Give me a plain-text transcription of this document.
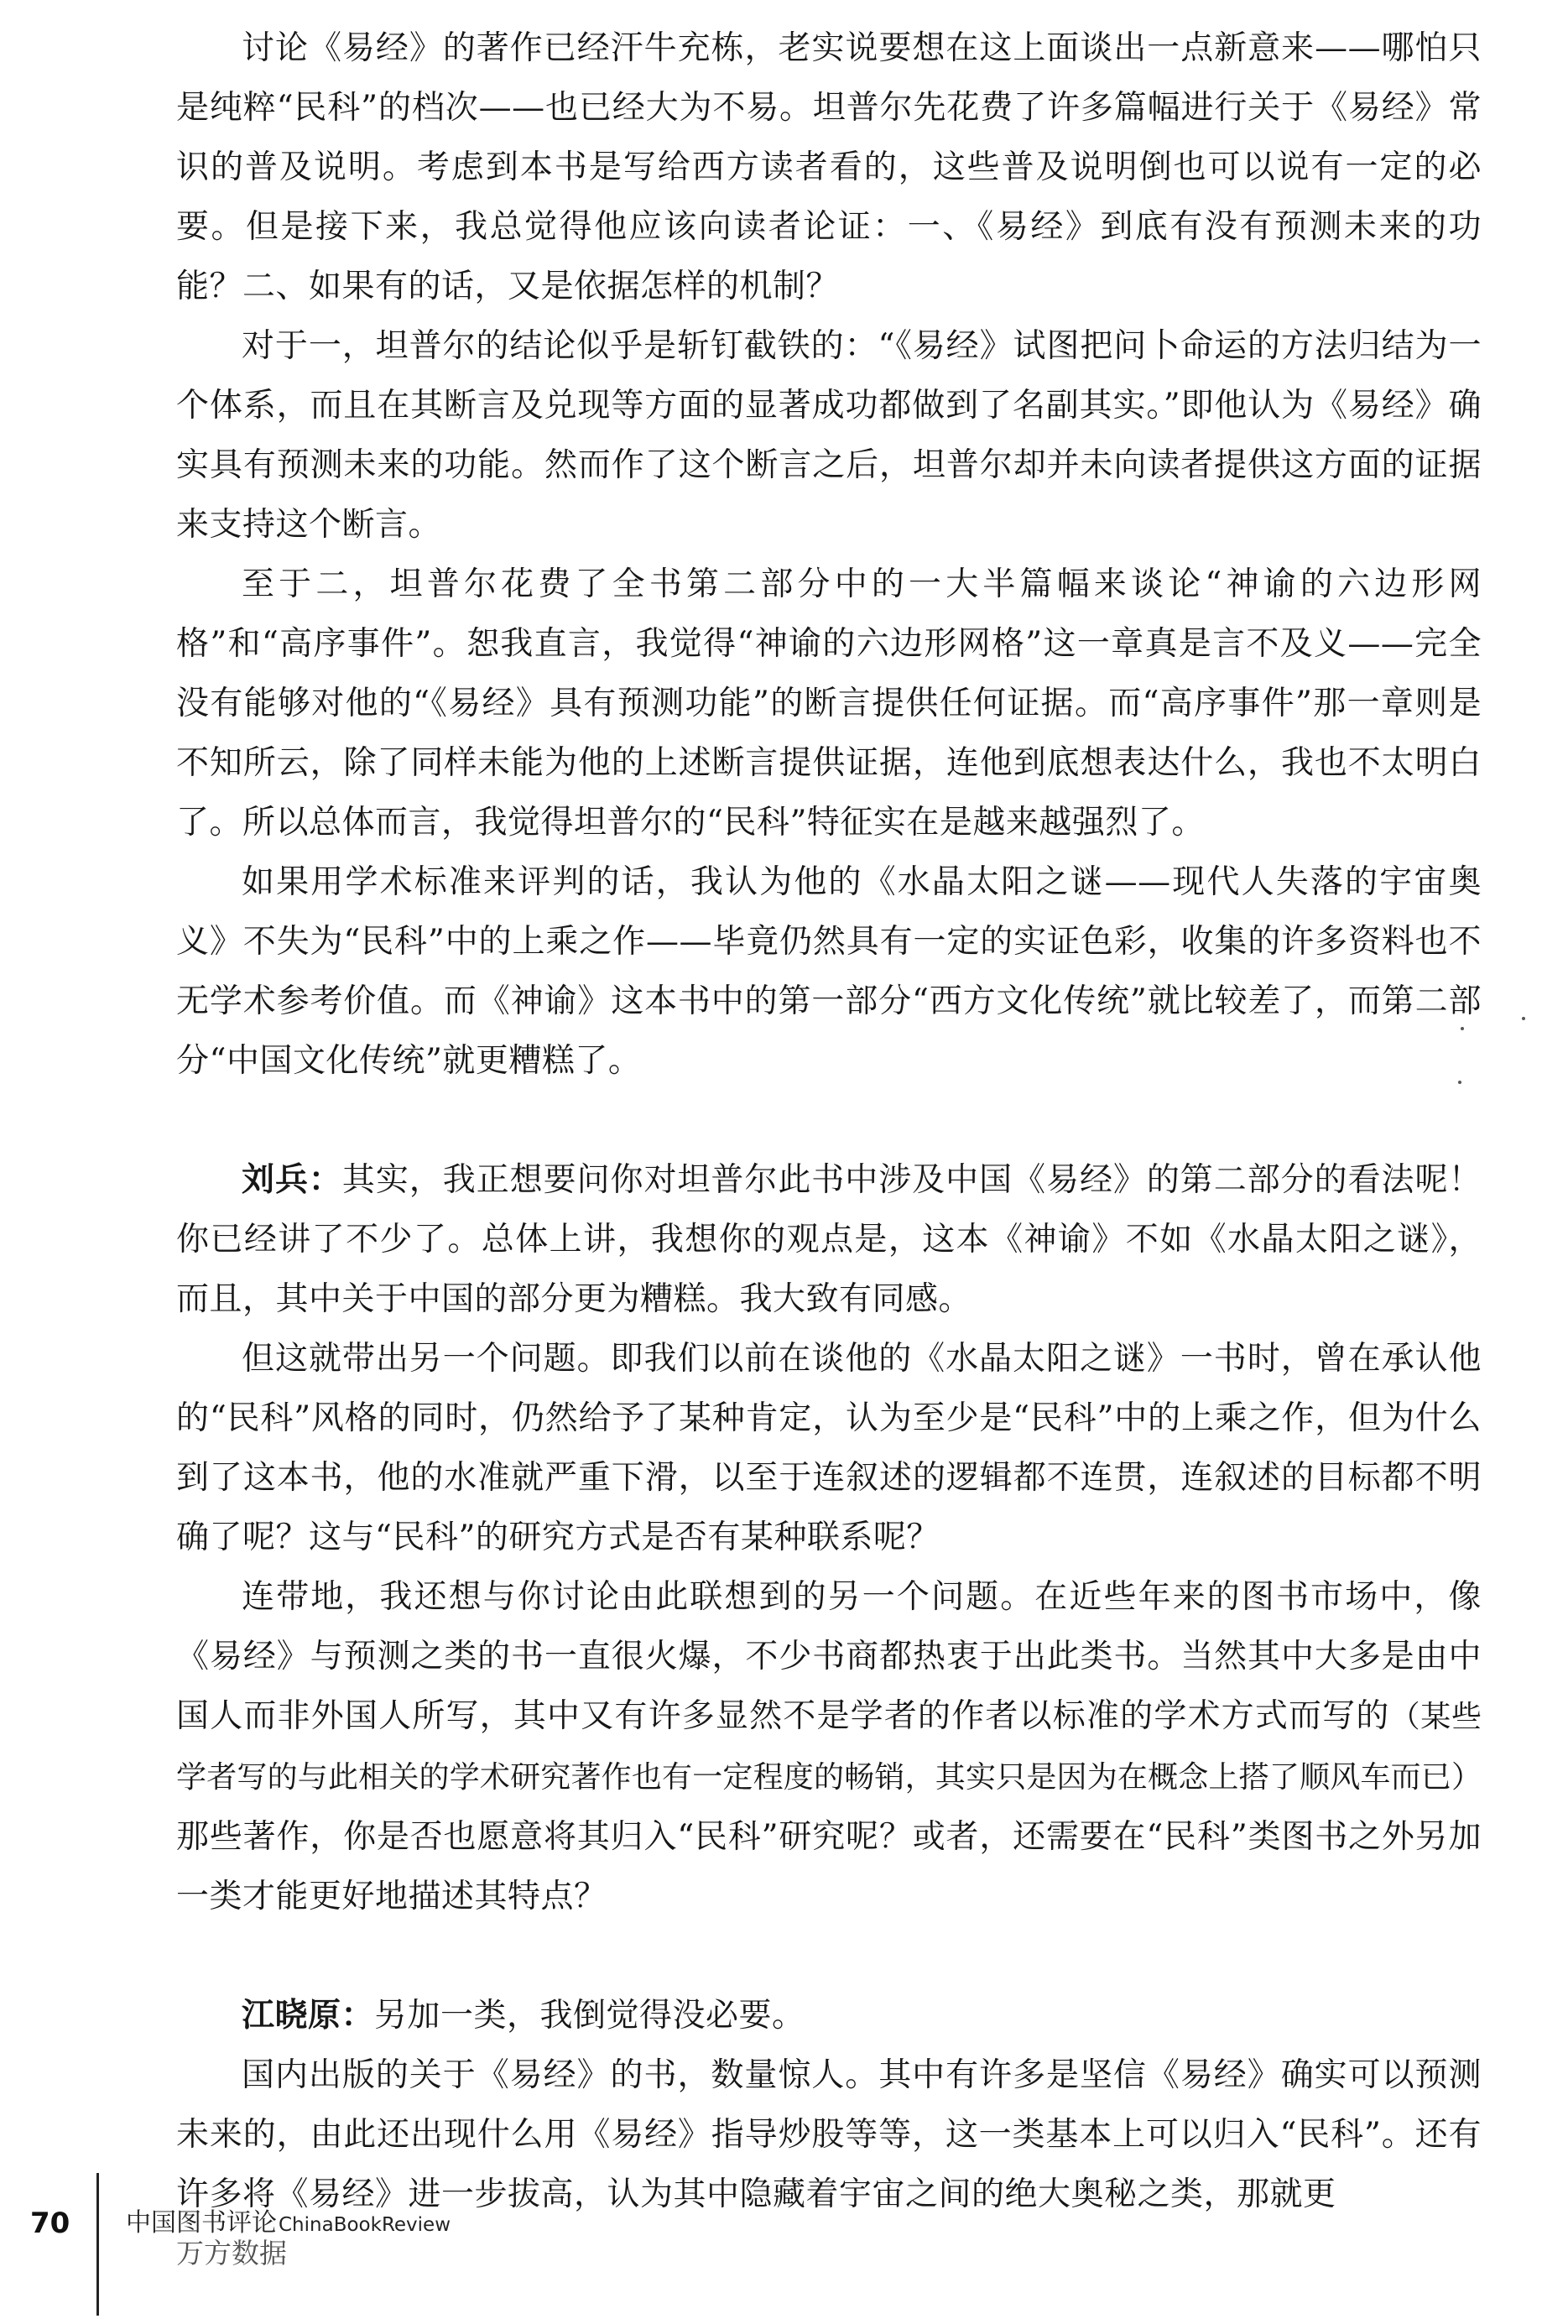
讨论《易经》的著作已经汗牛充栋，老实说要想在这上面谈出一点新意来——哪怕只是纯粹“民科”的档次——也已经大为不易。坦普尔先花费了许多篇幅进行关于《易经》常识的普及说明。考虑到本书是写给西方读者看的，这些普及说明倒也可以说有一定的必要。但是接下来，我总觉得他应该向读者论证：一、《易经》到底有没有预测未来的功能？二、如果有的话，又是依据怎样的机制？

对于一，坦普尔的结论似乎是斩钉截铁的：“《易经》试图把问卜命运的方法归结为一个体系，而且在其断言及兑现等方面的显著成功都做到了名副其实。”即他认为《易经》确实具有预测未来的功能。然而作了这个断言之后，坦普尔却并未向读者提供这方面的证据来支持这个断言。

至于二，坦普尔花费了全书第二部分中的一大半篇幅来谈论“神谕的六边形网格”和“高序事件”。恕我直言，我觉得“神谕的六边形网格”这一章真是言不及义——完全没有能够对他的“《易经》具有预测功能”的断言提供任何证据。而“高序事件”那一章则是不知所云，除了同样未能为他的上述断言提供证据，连他到底想表达什么，我也不太明白了。所以总体而言，我觉得坦普尔的“民科”特征实在是越来越强烈了。

如果用学术标准来评判的话，我认为他的《水晶太阳之谜——现代人失落的宇宙奥义》不失为“民科”中的上乘之作——毕竟仍然具有一定的实证色彩，收集的许多资料也不无学术参考价值。而《神谕》这本书中的第一部分“西方文化传统”就比较差了，而第二部分“中国文化传统”就更糟糕了。

刘兵：其实，我正想要问你对坦普尔此书中涉及中国《易经》的第二部分的看法呢！你已经讲了不少了。总体上讲，我想你的观点是，这本《神谕》不如《水晶太阳之谜》，而且，其中关于中国的部分更为糟糕。我大致有同感。

但这就带出另一个问题。即我们以前在谈他的《水晶太阳之谜》一书时，曾在承认他的“民科”风格的同时，仍然给予了某种肯定，认为至少是“民科”中的上乘之作，但为什么到了这本书，他的水准就严重下滑，以至于连叙述的逻辑都不连贯，连叙述的目标都不明确了呢？这与“民科”的研究方式是否有某种联系呢？

连带地，我还想与你讨论由此联想到的另一个问题。在近些年来的图书市场中，像《易经》与预测之类的书一直很火爆，不少书商都热衷于出此类书。当然其中大多是由中国人而非外国人所写，其中又有许多显然不是学者的作者以标准的学术方式而写的（某些学者写的与此相关的学术研究著作也有一定程度的畅销，其实只是因为在概念上搭了顺风车而已）那些著作，你是否也愿意将其归入“民科”研究呢？或者，还需要在“民科”类图书之外另加一类才能更好地描述其特点？

江晓原：另加一类，我倒觉得没必要。

国内出版的关于《易经》的书，数量惊人。其中有许多是坚信《易经》确实可以预测未来的，由此还出现什么用《易经》指导炒股等等，这一类基本上可以归入“民科”。还有许多将《易经》进一步拔高，认为其中隐藏着宇宙之间的绝大奥秘之类，那就更

70 中国图书评论ChinaBookReview
万方数据
